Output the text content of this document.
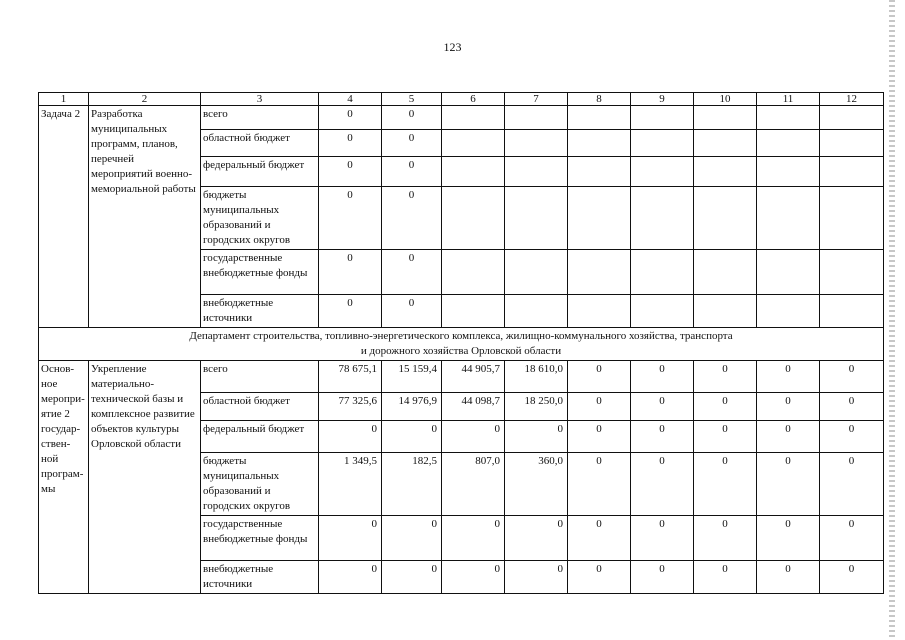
123
1	2	3	4	5	6	7	8	9	10	11	12
Задача 2	Разработка муниципальных программ, планов, перечней мероприятий военно-мемориальной работы	всего	0	0							
		областной бюджет	0	0							
		федеральный бюджет	0	0							
		бюджеты муниципальных образований и городских округов	0	0							
		государственные внебюджетные фонды	0	0							
		внебюджетные источники	0	0							

Департамент строительства, топливно-энергетического комплекса, жилищно-коммунального хозяйства, транспорта
и дорожного хозяйства Орловской области											

Основ-ное меропри-ятие 2 государ-ствен-ной програм-мы	Укрепление материально-технической базы и комплексное развитие объектов культуры Орловской области	всего	78 675,1	15 159,4	44 905,7	18 610,0	0	0	0	0	0
		областной бюджет	77 325,6	14 976,9	44 098,7	18 250,0	0	0	0	0	0
		федеральный бюджет	0	0	0	0	0	0	0	0	0
		бюджеты муниципальных образований и городских округов	1 349,5	182,5	807,0	360,0	0	0	0	0	0
		государственные внебюджетные фонды	0	0	0	0	0	0	0	0	0
		внебюджетные источники	0	0	0	0	0	0	0	0	0
